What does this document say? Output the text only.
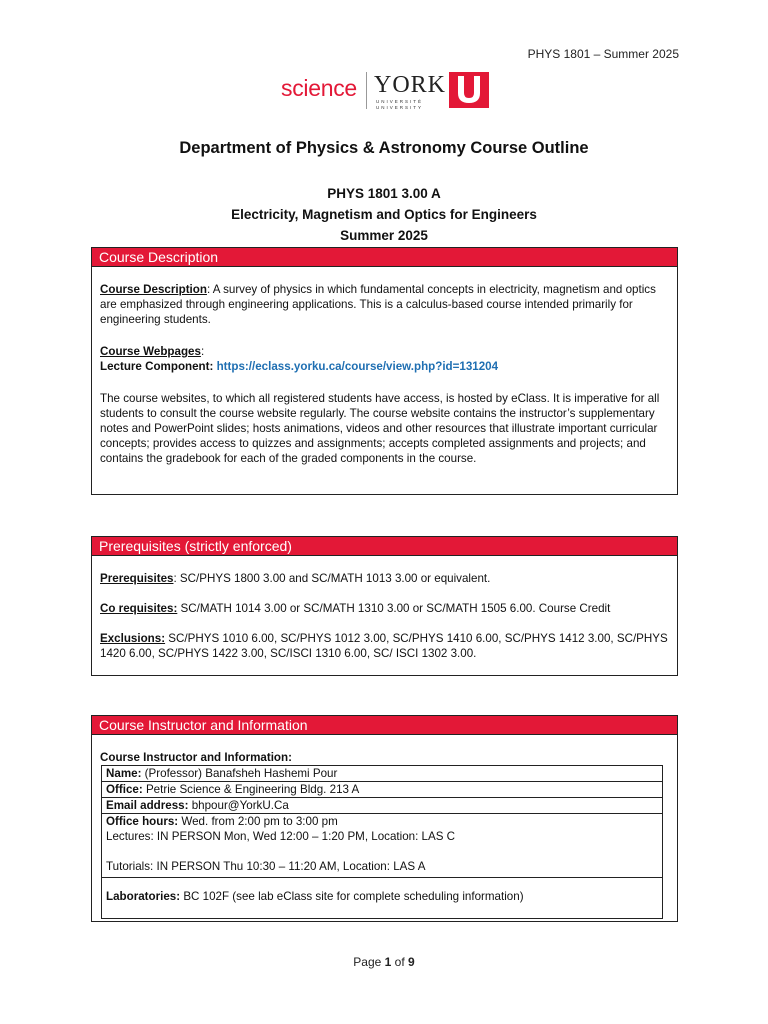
PHYS 1801 – Summer 2025
science YORK
UNIVERSITÉ
UNIVERSITY
Department of Physics & Astronomy Course Outline
PHYS 1801 3.00 A
Electricity, Magnetism and Optics for Engineers
Summer 2025
Course Description

Course Description: A survey of physics in which fundamental concepts in electricity, magnetism and optics are emphasized through engineering applications. This is a calculus-based course intended primarily for engineering students.

Course Webpages:

Lecture Component: https://eclass.yorku.ca/course/view.php?id=131204

The course websites, to which all registered students have access, is hosted by eClass. It is imperative for all students to consult the course website regularly. The course website contains the instructor’s supplementary notes and PowerPoint slides; hosts animations, videos and other resources that illustrate important curricular concepts; provides access to quizzes and assignments; accepts completed assignments and projects; and contains the gradebook for each of the graded components in the course.

Prerequisites (strictly enforced)

Prerequisites: SC/PHYS 1800 3.00 and SC/MATH 1013 3.00 or equivalent.

Co requisites: SC/MATH 1014 3.00 or SC/MATH 1310 3.00 or SC/MATH 1505 6.00. Course Credit

Exclusions: SC/PHYS 1010 6.00, SC/PHYS 1012 3.00, SC/PHYS 1410 6.00, SC/PHYS 1412 3.00, SC/PHYS 1420 6.00, SC/PHYS 1422 3.00, SC/ISCI 1310 6.00, SC/ ISCI 1302 3.00.

Course Instructor and Information

Course Instructor and Information:

Name: (Professor) Banafsheh Hashemi Pour
Office: Petrie Science & Engineering Bldg. 213 A
Email address: bhpour@YorkU.Ca
Office hours: Wed. from 2:00 pm to 3:00 pm
Lectures: IN PERSON Mon, Wed 12:00 – 1:20 PM, Location: LAS C
Tutorials: IN PERSON Thu 10:30 – 11:20 AM, Location: LAS A
Laboratories: BC 102F (see lab eClass site for complete scheduling information)
Page 1 of 9
